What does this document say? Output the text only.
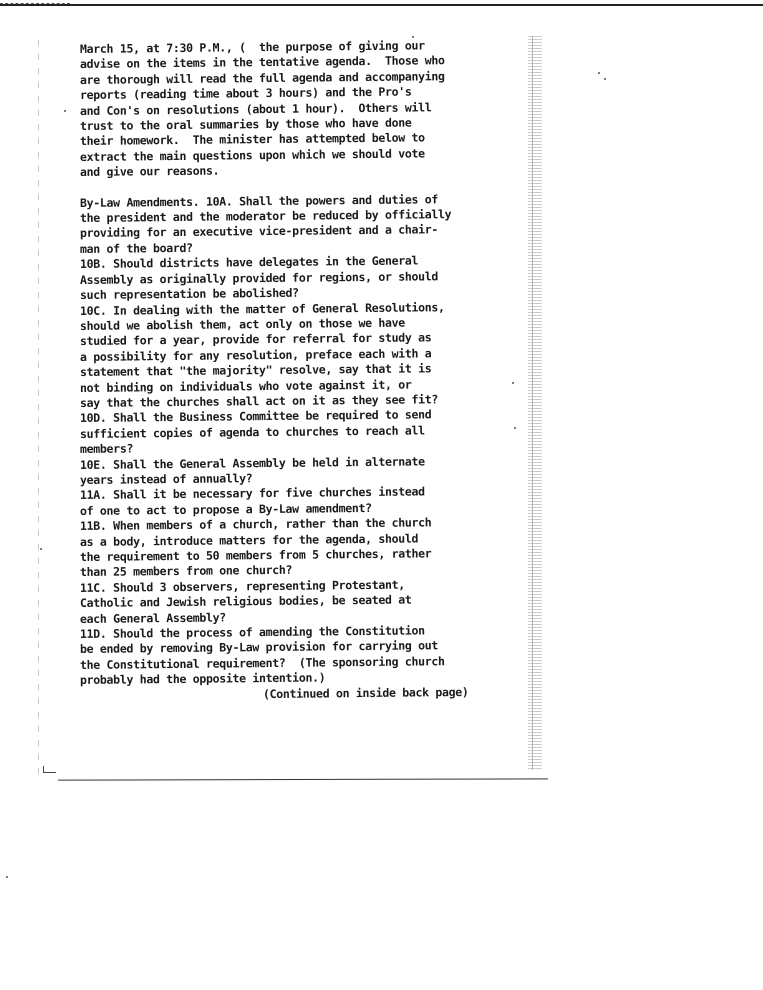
March 15, at 7:30 P.M., (  the purpose of giving our
advise on the items in the tentative agenda.  Those who
are thorough will read the full agenda and accompanying
reports (reading time about 3 hours) and the Pro's
and Con's on resolutions (about 1 hour).  Others will
trust to the oral summaries by those who have done
their homework.  The minister has attempted below to
extract the main questions upon which we should vote
and give our reasons.
By-Law Amendments. 10A. Shall the powers and duties of
the president and the moderator be reduced by officially
providing for an executive vice-president and a chair-
man of the board?
10B. Should districts have delegates in the General
Assembly as originally provided for regions, or should
such representation be abolished?
10C. In dealing with the matter of General Resolutions,
should we abolish them, act only on those we have
studied for a year, provide for referral for study as
a possibility for any resolution, preface each with a
statement that "the majority" resolve, say that it is
not binding on individuals who vote against it, or
say that the churches shall act on it as they see fit?
10D. Shall the Business Committee be required to send
sufficient copies of agenda to churches to reach all
members?
10E. Shall the General Assembly be held in alternate
years instead of annually?
11A. Shall it be necessary for five churches instead
of one to act to propose a By-Law amendment?
11B. When members of a church, rather than the church
as a body, introduce matters for the agenda, should
the requirement to 50 members from 5 churches, rather
than 25 members from one church?
11C. Should 3 observers, representing Protestant,
Catholic and Jewish religious bodies, be seated at
each General Assembly?
11D. Should the process of amending the Constitution
be ended by removing By-Law provision for carrying out
the Constitutional requirement?  (The sponsoring church
probably had the opposite intention.)
(Continued on inside back page)
